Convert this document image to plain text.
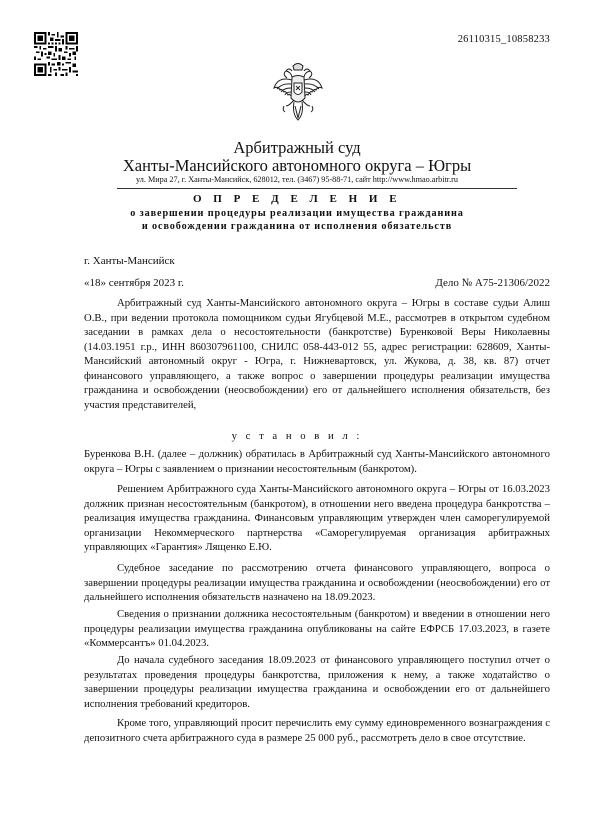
26110315_10858233
Арбитражный суд
Ханты-Мансийского автономного округа – Югры
ул. Мира 27, г. Ханты-Мансийск, 628012, тел. (3467) 95-88-71, сайт http://www.hmao.arbitr.ru
О П Р Е Д Е Л Е Н И Е
о завершении процедуры реализации имущества гражданина
и освобождении гражданина от исполнения обязательств
г. Ханты-Мансийск
«18» сентября 2023 г.	Дело № А75-21306/2022
Арбитражный суд Ханты-Мансийского автономного округа – Югры в составе судьи Алиш О.В., при ведении протокола помощником судьи Ягубцевой М.Е., рассмотрев в открытом судебном заседании в рамках дела о несостоятельности (банкротстве) Буренковой Веры Николаевны (14.03.1951 г.р., ИНН 860307961100, СНИЛС 058-443-012 55, адрес регистрации: 628609, Ханты-Мансийский автономный округ - Югра, г. Нижневартовск, ул. Жукова, д. 38, кв. 87) отчет финансового управляющего, а также вопрос о завершении процедуры реализации имущества гражданина и освобождении (неосвобождении) его от дальнейшего исполнения обязательств, без участия представителей,
у с т а н о в и л :
Буренкова В.Н. (далее – должник) обратилась в Арбитражный суд Ханты-Мансийского автономного округа – Югры с заявлением о признании несостоятельным (банкротом).
Решением Арбитражного суда Ханты-Мансийского автономного округа – Югры от 16.03.2023 должник признан несостоятельным (банкротом), в отношении него введена процедура банкротства – реализация имущества гражданина. Финансовым управляющим утвержден член саморегулируемой организации Некоммерческого партнерства «Саморегулируемая организация арбитражных управляющих «Гарантия» Лященко Е.Ю.
Судебное заседание по рассмотрению отчета финансового управляющего, вопроса о завершении процедуры реализации имущества гражданина и освобождении (неосвобождении) его от дальнейшего исполнения обязательств назначено на 18.09.2023.
Сведения о признании должника несостоятельным (банкротом) и введении в отношении него процедуры реализации имущества гражданина опубликованы на сайте ЕФРСБ 17.03.2023, в газете «Коммерсантъ» 01.04.2023.
До начала судебного заседания 18.09.2023 от финансового управляющего поступил отчет о результатах проведения процедуры банкротства, приложения к нему, а также ходатайство о завершении процедуры реализации имущества гражданина и освобождении его от дальнейшего исполнения требований кредиторов.
Кроме того, управляющий просит перечислить ему сумму единовременного вознаграждения с депозитного счета арбитражного суда в размере 25 000 руб., рассмотреть дело в свое отсутствие.
